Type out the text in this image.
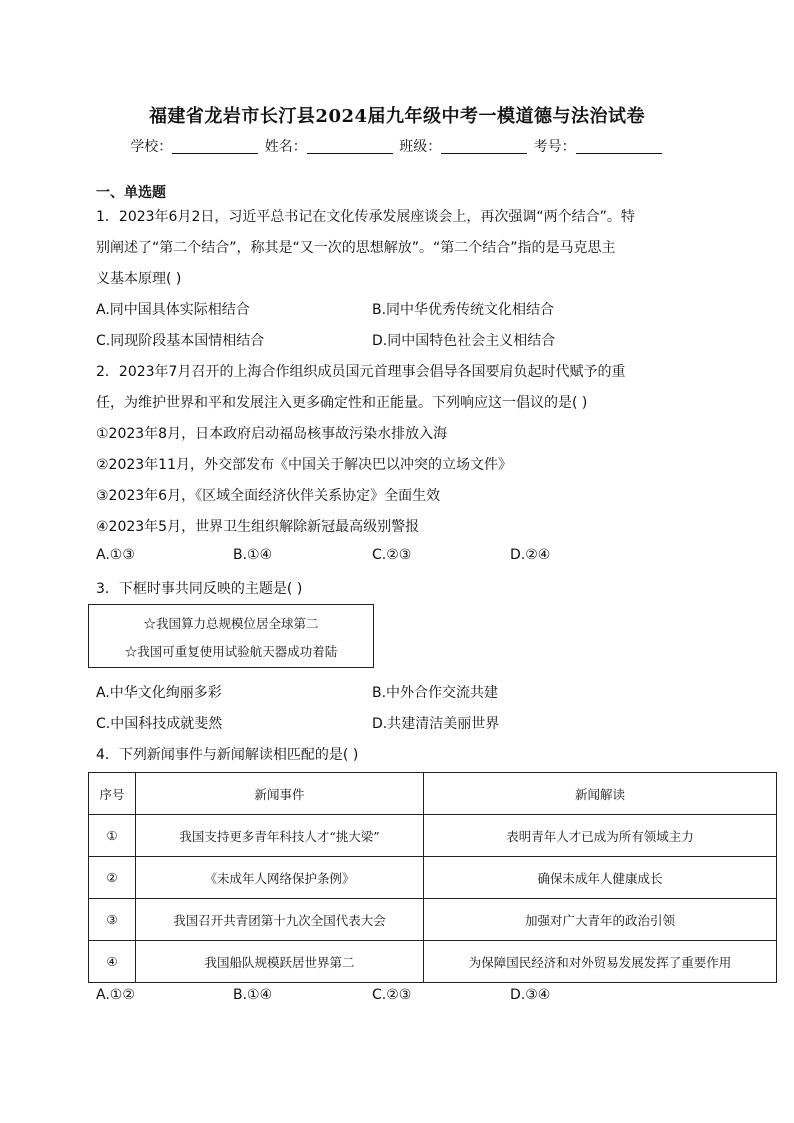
福建省龙岩市长汀县2024届九年级中考一模道德与法治试卷
学校：	姓名：	班级：	考号：
一、单选题
1．2023年6月2日，习近平总书记在文化传承发展座谈会上，再次强调“两个结合”。特
别阐述了“第二个结合”，称其是“又一次的思想解放”。“第二个结合”指的是马克思主
义基本原理( )
A.同中国具体实际相结合	B.同中华优秀传统文化相结合
C.同现阶段基本国情相结合	D.同中国特色社会主义相结合
2．2023年7月召开的上海合作组织成员国元首理事会倡导各国要肩负起时代赋予的重
任，为维护世界和平和发展注入更多确定性和正能量。下列响应这一倡议的是( )
①2023年8月，日本政府启动福岛核事故污染水排放入海
②2023年11月，外交部发布《中国关于解决巴以冲突的立场文件》
③2023年6月，《区域全面经济伙伴关系协定》全面生效
④2023年5月，世界卫生组织解除新冠最高级别警报
A.①③	B.①④	C.②③	D.②④
3．下框时事共同反映的主题是( )
☆我国算力总规模位居全球第二
☆我国可重复使用试验航天器成功着陆
A.中华文化绚丽多彩	B.中外合作交流共建
C.中国科技成就斐然	D.共建清洁美丽世界
4．下列新闻事件与新闻解读相匹配的是( )
序号	新闻事件	新闻解读
①	我国支持更多青年科技人才“挑大梁”	表明青年人才已成为所有领域主力
②	《未成年人网络保护条例》	确保未成年人健康成长
③	我国召开共青团第十九次全国代表大会	加强对广大青年的政治引领
④	我国船队规模跃居世界第二	为保障国民经济和对外贸易发展发挥了重要作用
A.①②	B.①④	C.②③	D.③④
